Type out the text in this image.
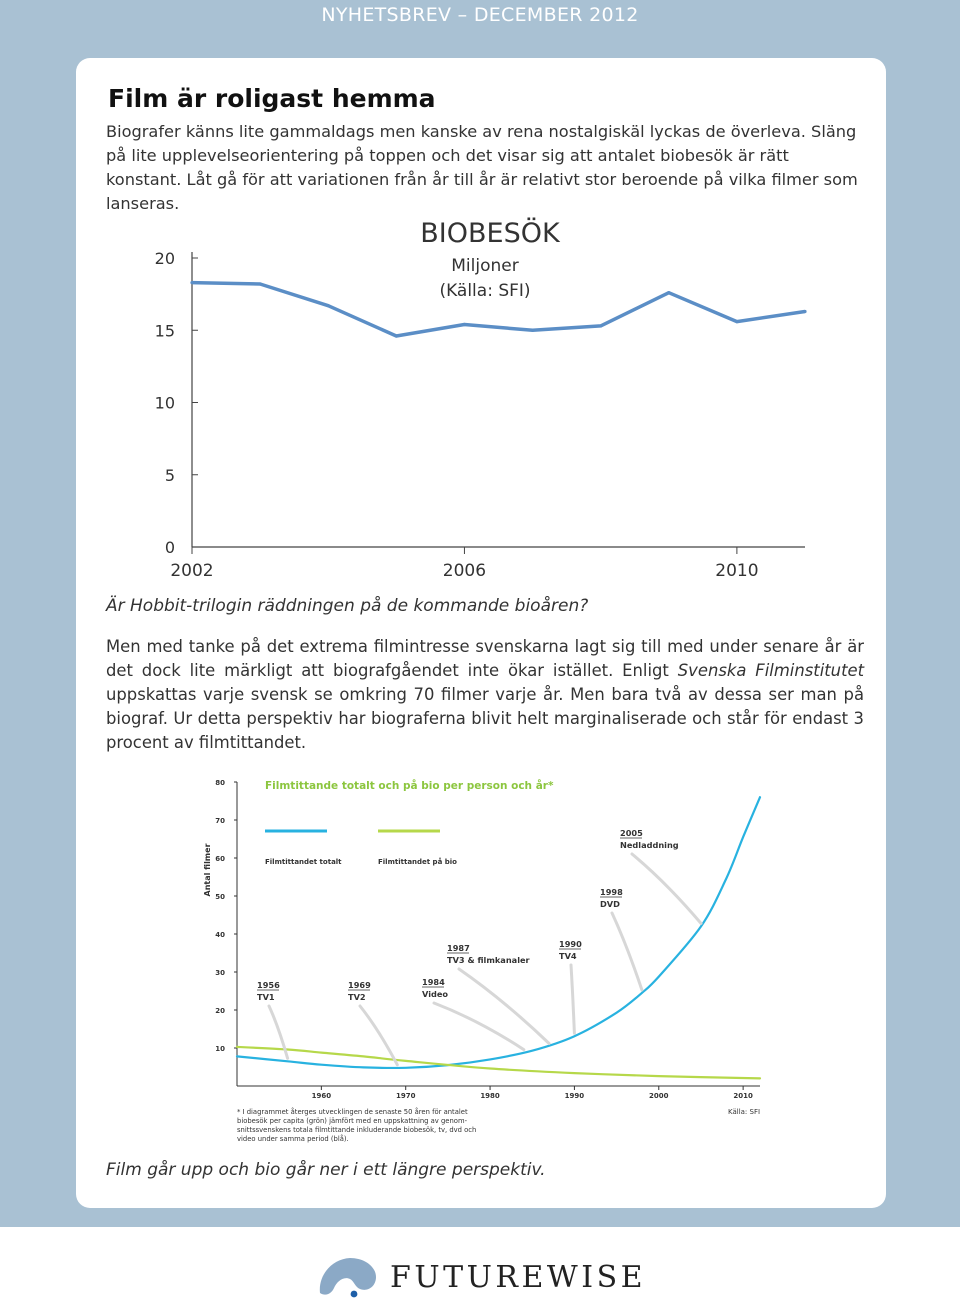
NYHETSBREV – DECEMBER 2012
Film är roligast hemma

Biografer känns lite gammaldags men kanske av rena nostalgiskäl lyckas de överleva. Släng på lite upplevelseorientering på toppen och det visar sig att antalet biobesök är rätt konstant. Låt gå för att variationen från år till år är relativt stor beroende på vilka filmer som lanseras.

0
5
10
15
20
2002	2006	2010
BIOBESÖK
Miljoner
(Källa: SFI)

Är Hobbit-trilogin räddningen på de kommande bioåren?

Men med tanke på det extrema filmintresse svenskarna lagt sig till med under senare år är det dock lite märkligt att biografgåendet inte ökar istället. Enligt Svenska Filminstitutet uppskattas varje svensk se omkring 70 filmer varje år. Men bara två av dessa ser man på biograf. Ur detta perspektiv har biograferna blivit helt marginaliserade och står för endast 3 procent av filmtittandet.

10
20
30
40
50
60
70
80
1960	1970	1980	1990	2000	2010
Filmtittandet totalt	Filmtittandet på bio
1956
TV1
1969
TV2
1984
Video
1987
TV3 & filmkanaler
1990
TV4
1998
DVD
2005
Nedladdning
Filmtittande totalt och på bio per person och år*
Antal filmer
* I diagrammet återges utvecklingen de senaste 50 åren för antalet
biobesök per capita (grön) jämfört med en uppskattning av genom-
snittssvenskens totala filmtittande inkluderande biobesök, tv, dvd och
video under samma period (blå).
Källa: SFI

Film går upp och bio går ner i ett längre perspektiv.

FUTUREWISE
